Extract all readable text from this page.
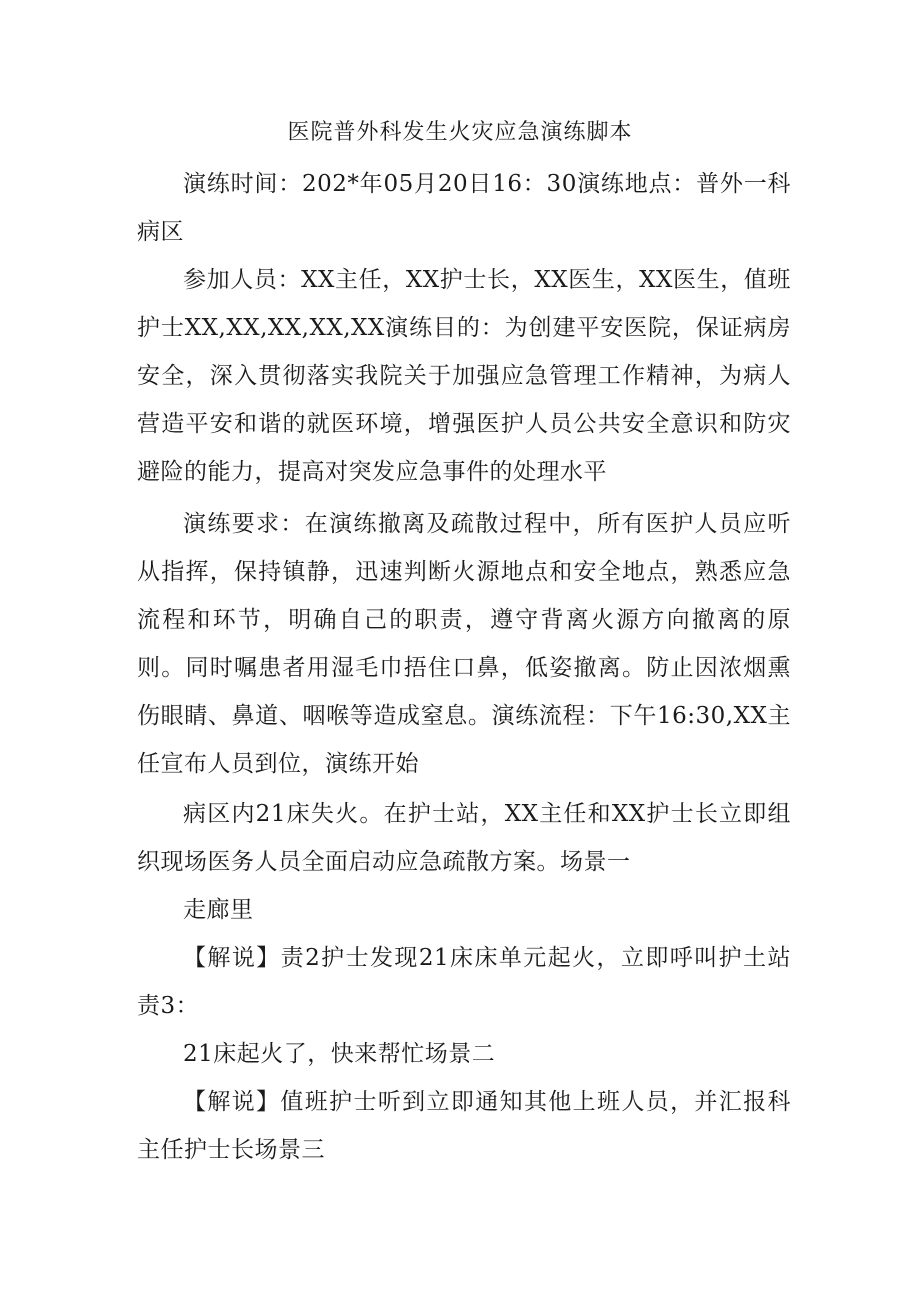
医院普外科发生火灾应急演练脚本

演练时间：202*年05月20日16：30演练地点：普外一科病区

参加人员：XX主任，XX护士长，XX医生，XX医生，值班护士XX,XX,XX,XX,XX演练目的：为创建平安医院，保证病房安全，深入贯彻落实我院关于加强应急管理工作精神，为病人营造平安和谐的就医环境，增强医护人员公共安全意识和防灾避险的能力，提高对突发应急事件的处理水平

演练要求：在演练撤离及疏散过程中，所有医护人员应听从指挥，保持镇静，迅速判断火源地点和安全地点，熟悉应急流程和环节，明确自己的职责，遵守背离火源方向撤离的原则。同时嘱患者用湿毛巾捂住口鼻，低姿撤离。防止因浓烟熏伤眼睛、鼻道、咽喉等造成窒息。演练流程：下午16:30,XX主任宣布人员到位，演练开始

病区内21床失火。在护士站，XX主任和XX护士长立即组织现场医务人员全面启动应急疏散方案。场景一

走廊里

【解说】责2护士发现21床床单元起火，立即呼叫护土站责3：

21床起火了，快来帮忙场景二

【解说】值班护士听到立即通知其他上班人员，并汇报科主任护士长场景三
